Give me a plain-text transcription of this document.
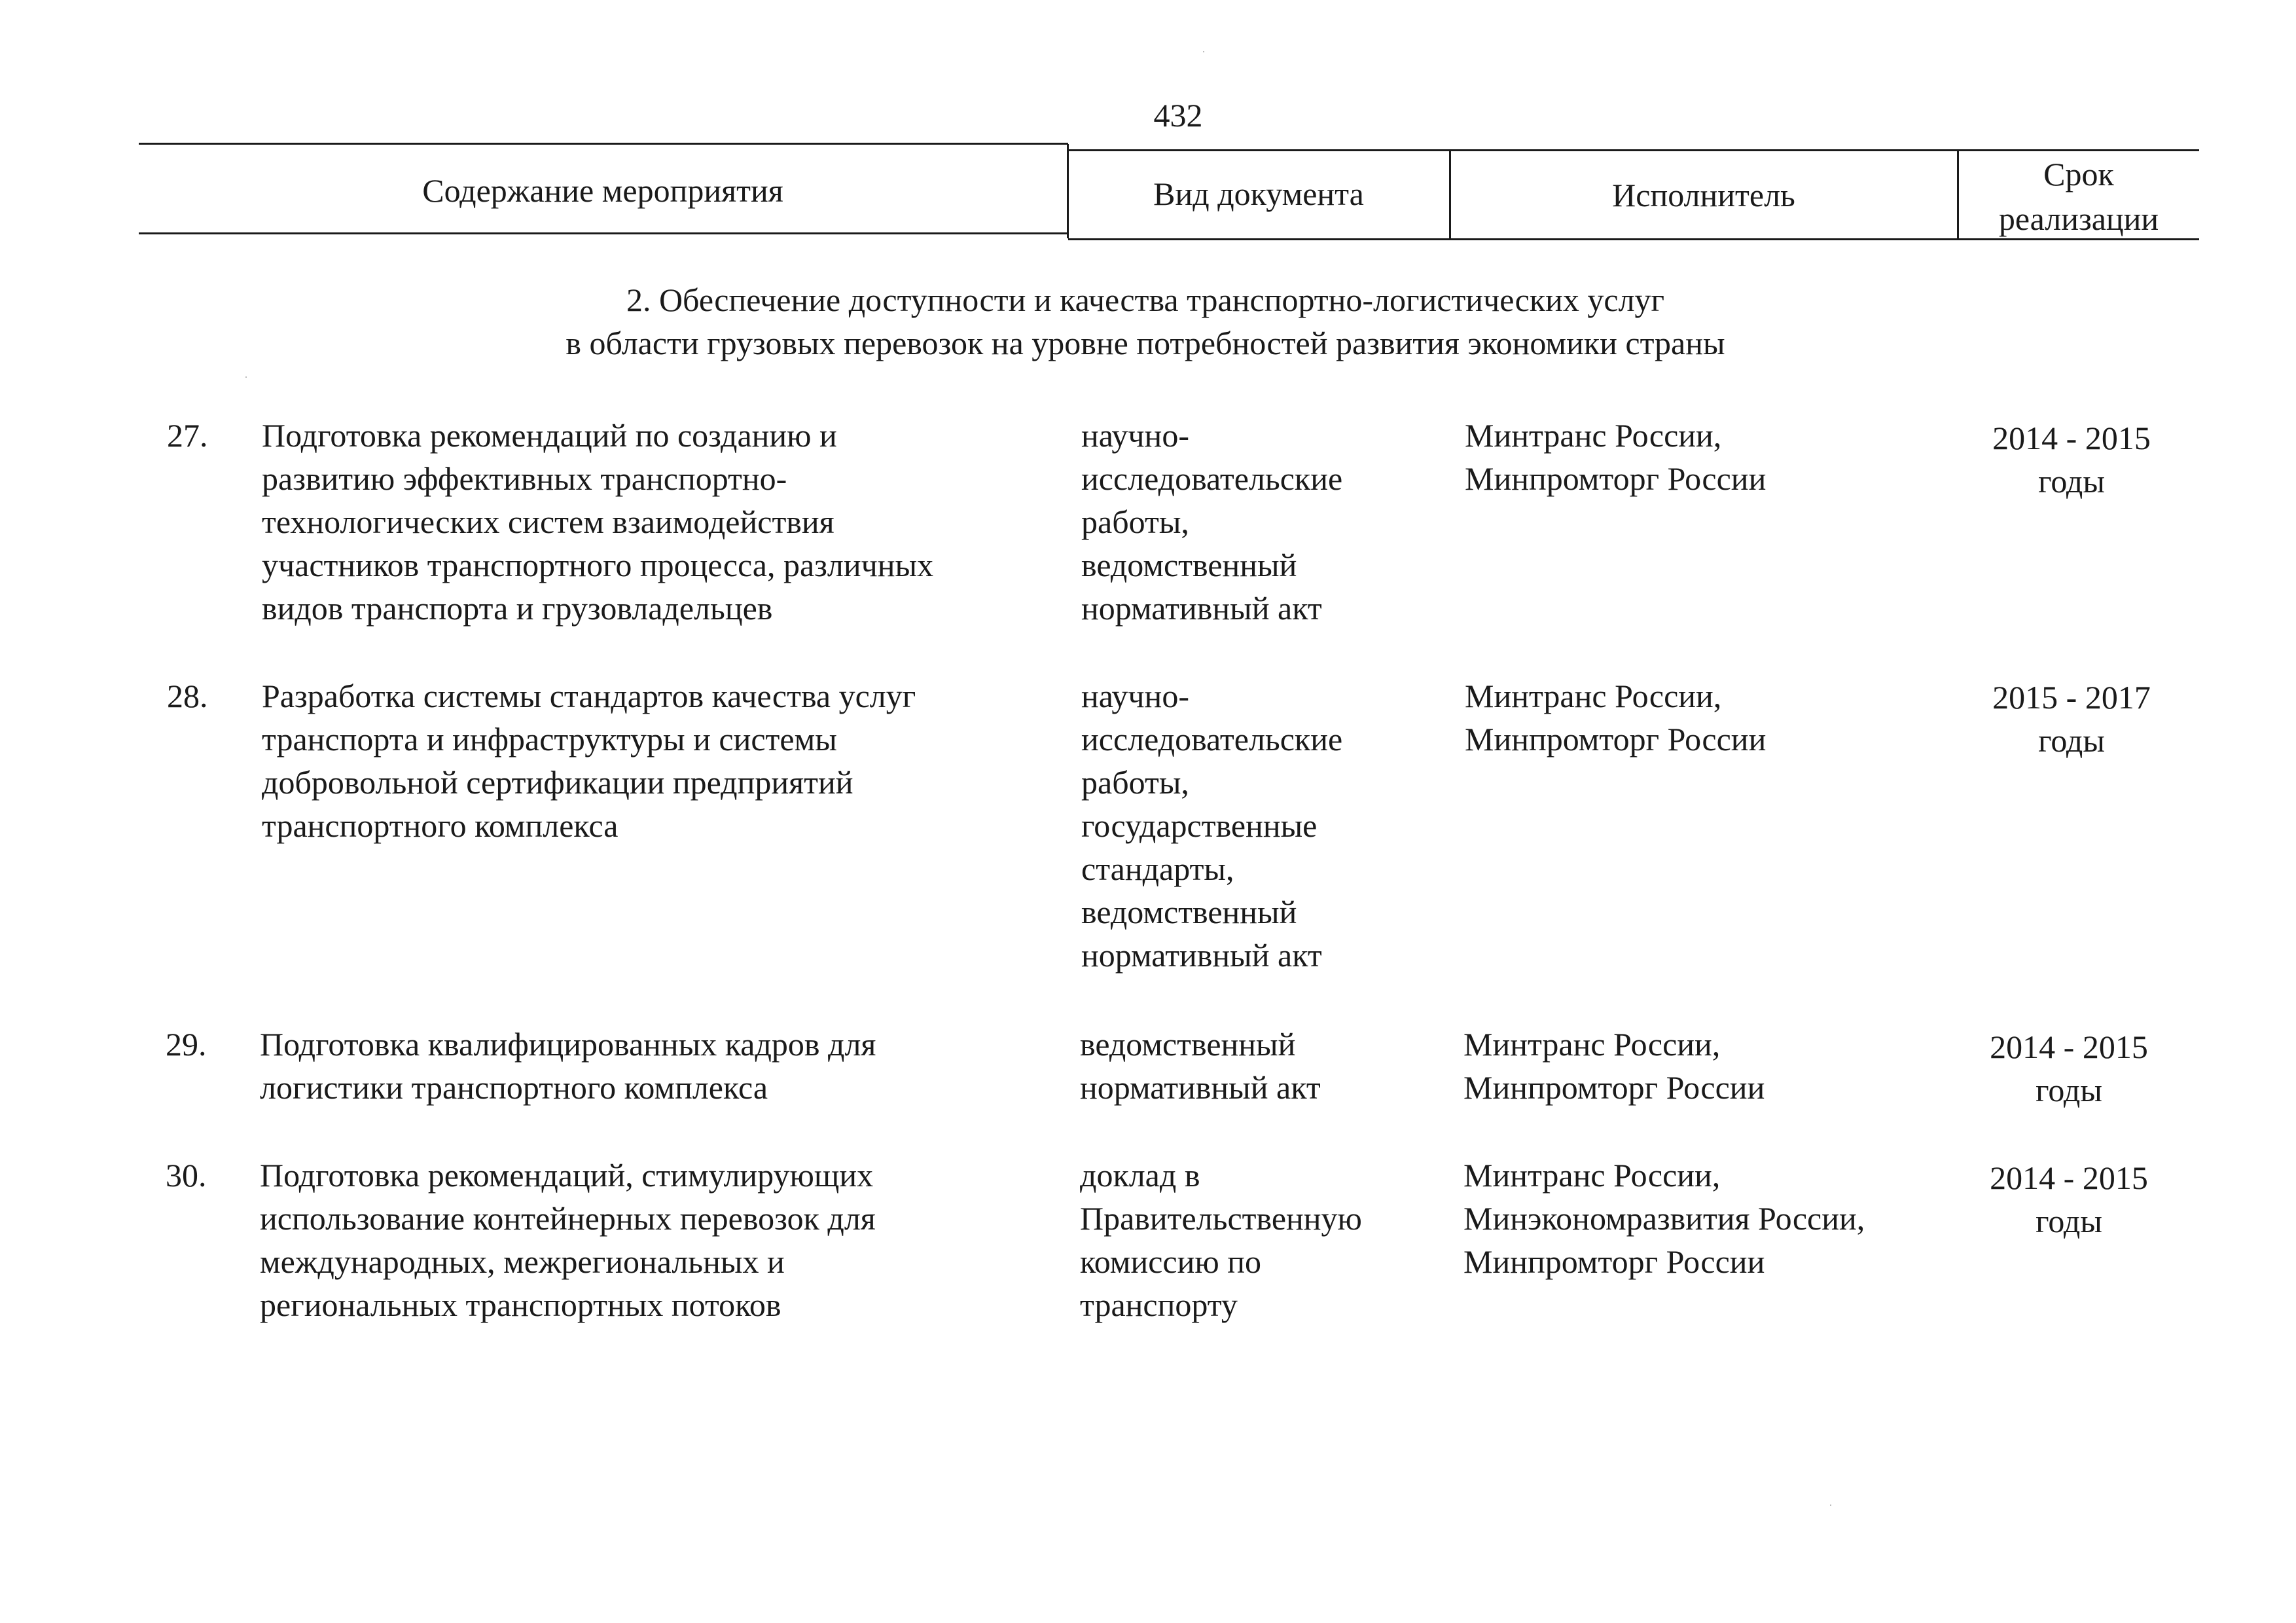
432
Содержание мероприятия	Вид документа	Исполнитель
Срок
реализации
2. Обеспечение доступности и качества транспортно-логистических услуг
в области грузовых перевозок на уровне потребностей развития экономики страны
27. Подготовка рекомендаций по созданию и
развитию эффективных транспортно-
технологических систем взаимодействия
участников транспортного процесса, различных
видов транспорта и грузовладельцев
научно-
исследовательские
работы,
ведомственный
нормативный акт
Минтранс России,
Минпромторг России
2014 - 2015
годы
28. Разработка системы стандартов качества услуг
транспорта и инфраструктуры и системы
добровольной сертификации предприятий
транспортного комплекса
научно-
исследовательские
работы,
государственные
стандарты,
ведомственный
нормативный акт
Минтранс России,
Минпромторг России
2015 - 2017
годы
29. Подготовка квалифицированных кадров для
логистики транспортного комплекса
ведомственный
нормативный акт
Минтранс России,
Минпромторг России
2014 - 2015
годы
30. Подготовка рекомендаций, стимулирующих
использование контейнерных перевозок для
международных, межрегиональных и
региональных транспортных потоков
доклад в
Правительственную
комиссию по
транспорту
Минтранс России,
Минэкономразвития России,
Минпромторг России
2014 - 2015
годы
